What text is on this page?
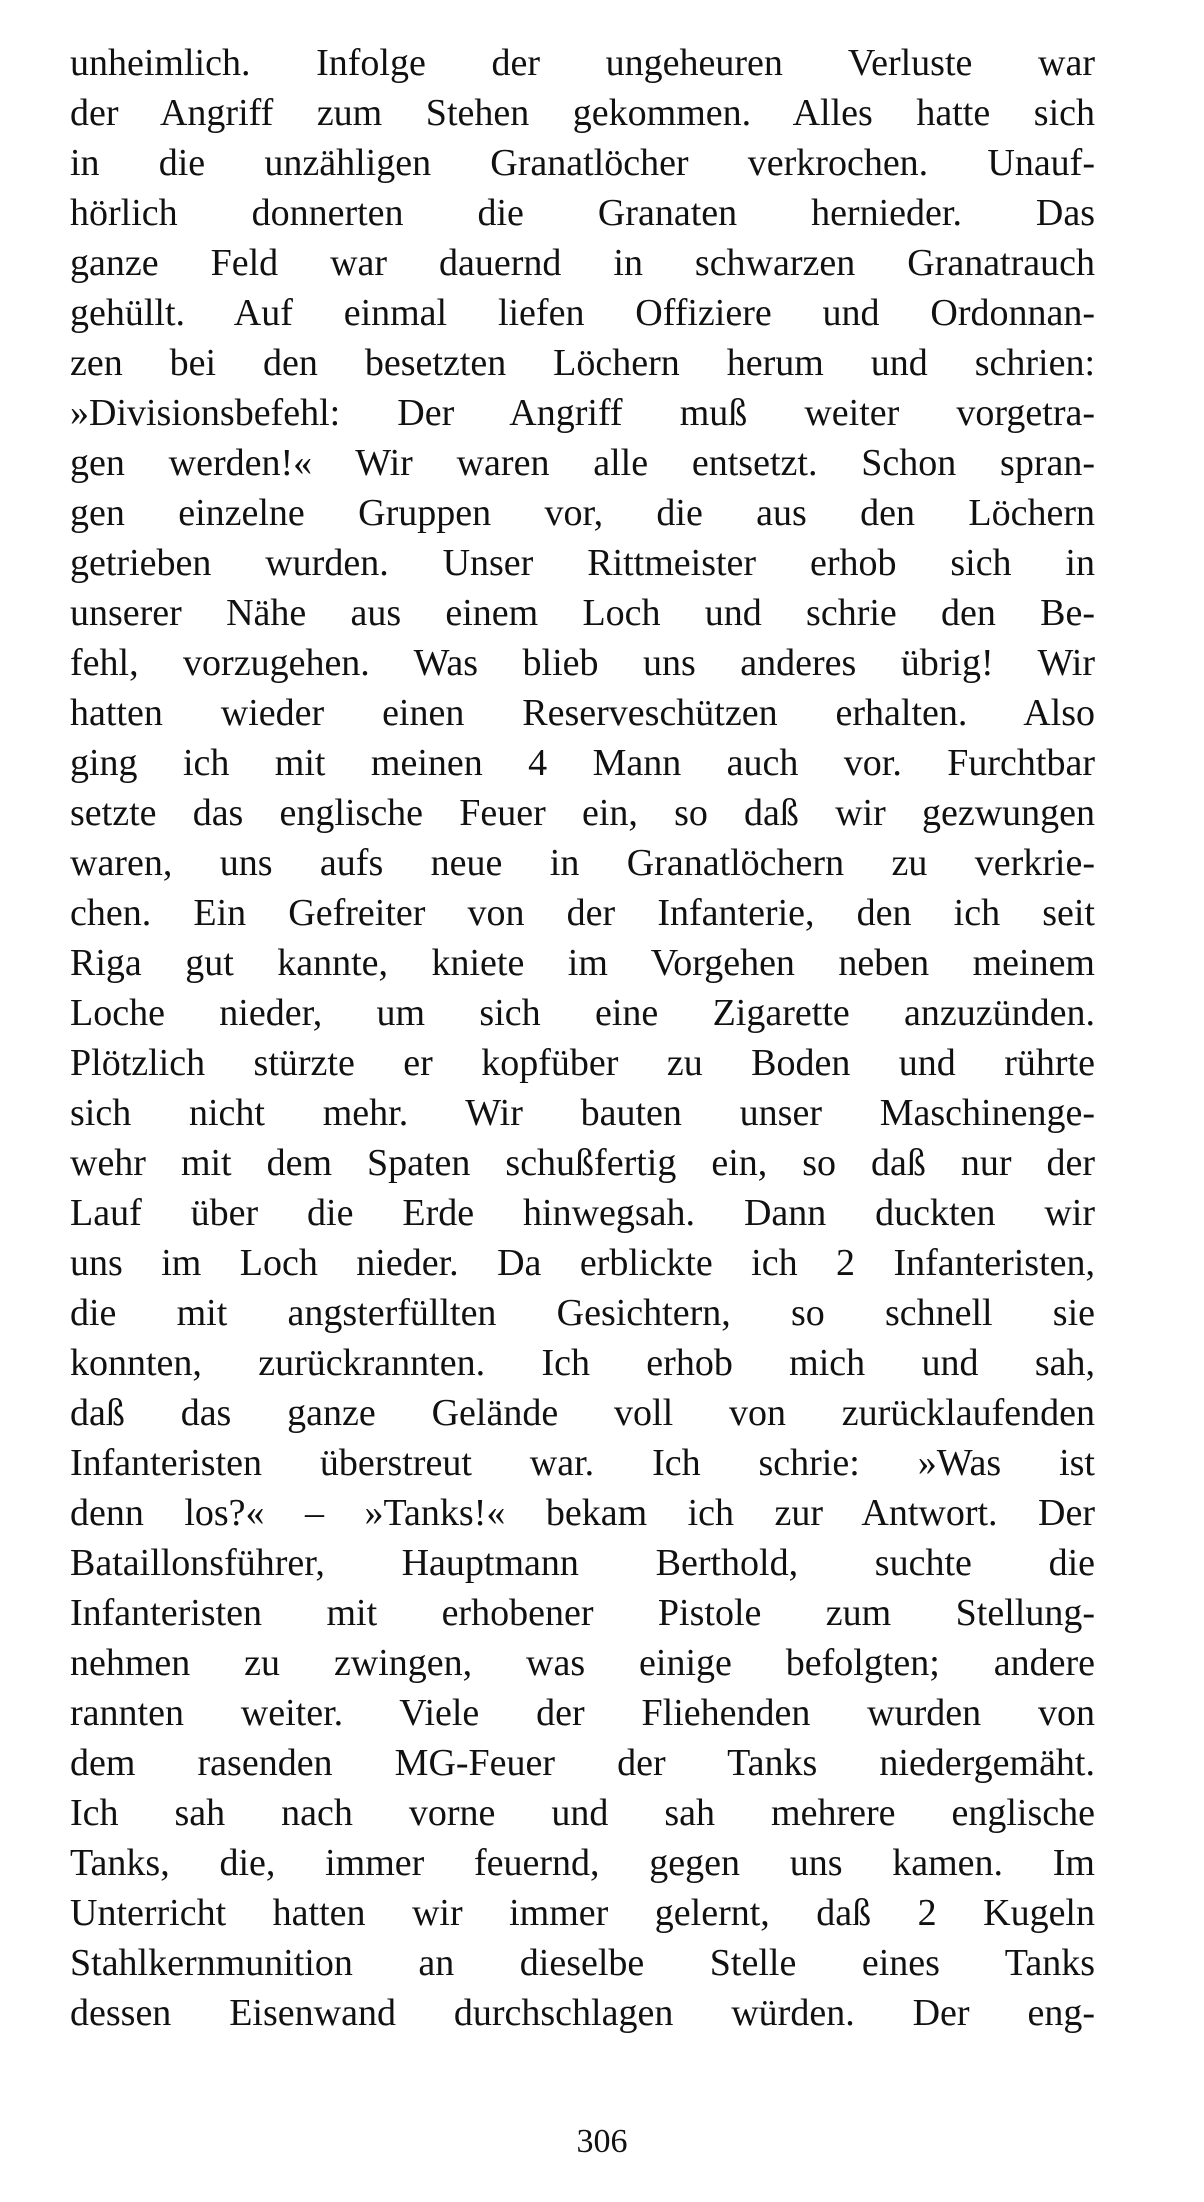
unheimlich. Infolge der ungeheuren Verluste war
der Angriff zum Stehen gekommen. Alles hatte sich
in die unzähligen Granatlöcher verkrochen. Unauf-
hörlich donnerten die Granaten hernieder. Das
ganze Feld war dauernd in schwarzen Granatrauch
gehüllt. Auf einmal liefen Offiziere und Ordonnan-
zen bei den besetzten Löchern herum und schrien:
»Divisionsbefehl: Der Angriff muß weiter vorgetra-
gen werden!« Wir waren alle entsetzt. Schon spran-
gen einzelne Gruppen vor, die aus den Löchern
getrieben wurden. Unser Rittmeister erhob sich in
unserer Nähe aus einem Loch und schrie den Be-
fehl, vorzugehen. Was blieb uns anderes übrig! Wir
hatten wieder einen Reserveschützen erhalten. Also
ging ich mit meinen 4 Mann auch vor. Furchtbar
setzte das englische Feuer ein, so daß wir gezwungen
waren, uns aufs neue in Granatlöchern zu verkrie-
chen. Ein Gefreiter von der Infanterie, den ich seit
Riga gut kannte, kniete im Vorgehen neben meinem
Loche nieder, um sich eine Zigarette anzuzünden.
Plötzlich stürzte er kopfüber zu Boden und rührte
sich nicht mehr. Wir bauten unser Maschinenge-
wehr mit dem Spaten schußfertig ein, so daß nur der
Lauf über die Erde hinwegsah. Dann duckten wir
uns im Loch nieder. Da erblickte ich 2 Infanteristen,
die mit angsterfüllten Gesichtern, so schnell sie
konnten, zurückrannten. Ich erhob mich und sah,
daß das ganze Gelände voll von zurücklaufenden
Infanteristen überstreut war. Ich schrie: »Was ist
denn los?« – »Tanks!« bekam ich zur Antwort. Der
Bataillonsführer, Hauptmann Berthold, suchte die
Infanteristen mit erhobener Pistole zum Stellung-
nehmen zu zwingen, was einige befolgten; andere
rannten weiter. Viele der Fliehenden wurden von
dem rasenden MG-Feuer der Tanks niedergemäht.
Ich sah nach vorne und sah mehrere englische
Tanks, die, immer feuernd, gegen uns kamen. Im
Unterricht hatten wir immer gelernt, daß 2 Kugeln
Stahlkernmunition an dieselbe Stelle eines Tanks
dessen Eisenwand durchschlagen würden. Der eng-
306
